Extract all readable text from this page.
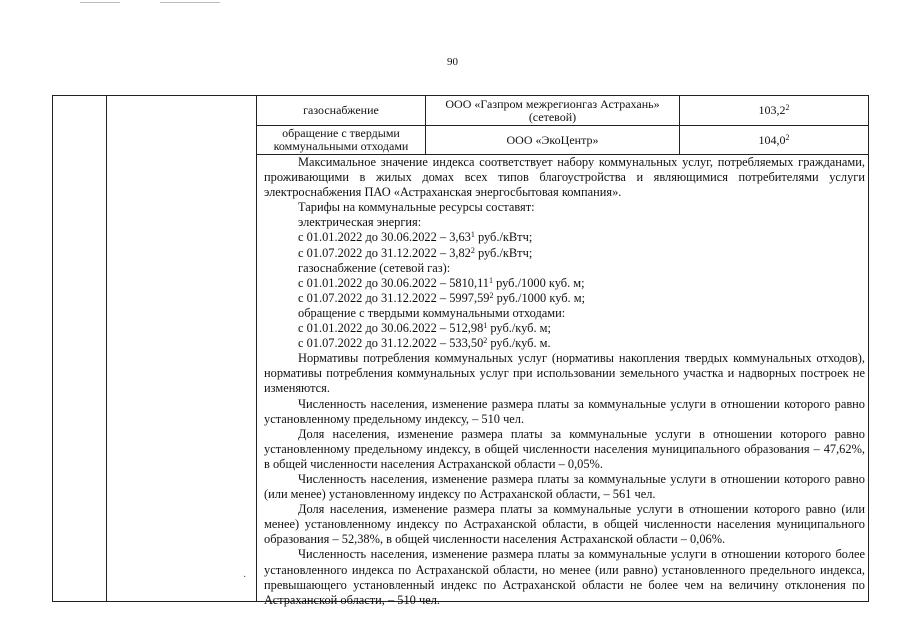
90
газоснабжение	ООО «Газпром межрегионгаз Астрахань» (сетевой)	103,2$^2$
обращение с твердыми коммунальными отходами	ООО «ЭкоЦентр»	104,0$^2$

Максимальное значение индекса соответствует набору коммунальных услуг, потребляемых гражданами, проживающими в жилых домах всех типов благоустройства и являющимися потребителями услуги электроснабжения ПАО «Астраханская энергосбытовая компания».

Тарифы на коммунальные ресурсы составят:

электрическая энергия:

с 01.01.2022 до 30.06.2022 – 3,63$^1$ руб./кВтч;

с 01.07.2022 до 31.12.2022 – 3,82$^2$ руб./кВтч;

газоснабжение (сетевой газ):

с 01.01.2022 до 30.06.2022 – 5810,11$^1$ руб./1000 куб. м;

с 01.07.2022 до 31.12.2022 – 5997,59$^2$ руб./1000 куб. м;

обращение с твердыми коммунальными отходами:

с 01.01.2022 до 30.06.2022 – 512,98$^1$ руб./куб. м;

с 01.07.2022 до 31.12.2022 – 533,50$^2$ руб./куб. м.

Нормативы потребления коммунальных услуг (нормативы накопления твердых коммунальных отходов), нормативы потребления коммунальных услуг при использовании земельного участка и надворных построек не изменяются.

Численность населения, изменение размера платы за коммунальные услуги в отношении которого равно установленному предельному индексу, – 510 чел.

Доля населения, изменение размера платы за коммунальные услуги в отношении которого равно установленному предельному индексу, в общей численности населения муниципального образования – 47,62%, в общей численности населения Астраханской области – 0,05%.

Численность населения, изменение размера платы за коммунальные услуги в отношении которого равно (или менее) установленному индексу по Астраханской области, – 561 чел.

Доля населения, изменение размера платы за коммунальные услуги в отношении которого равно (или менее) установленному индексу по Астраханской области, в общей численности населения муниципального образования – 52,38%, в общей численности населения Астраханской области – 0,06%.

Численность населения, изменение размера платы за коммунальные услуги в отношении которого более установленного индекса по Астраханской области, но менее (или равно) установленного предельного индекса, превышающего установленный индекс по Астраханской области не более чем на величину отклонения по Астраханской области, – 510 чел.

·
